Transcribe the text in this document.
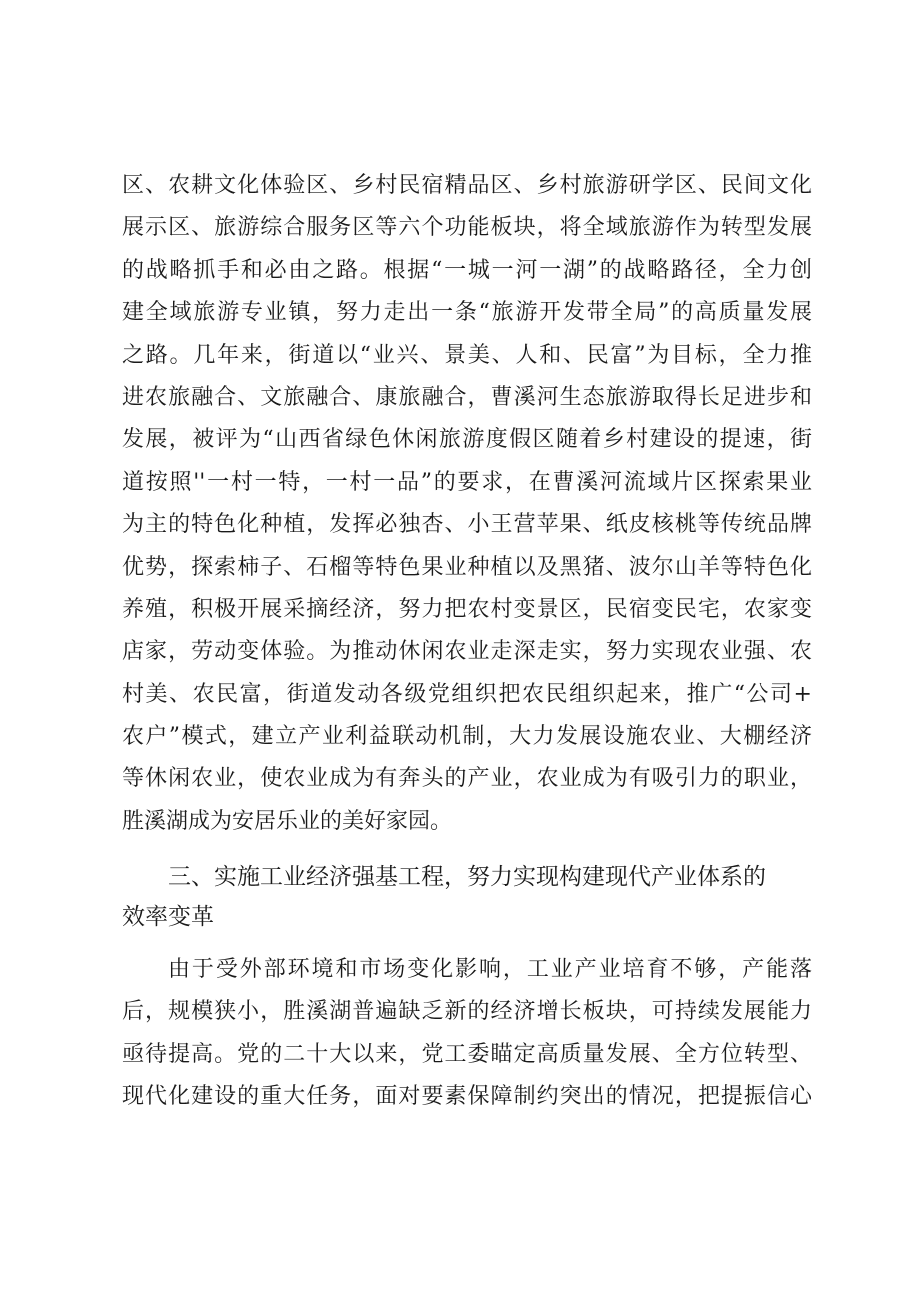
区、农耕文化体验区、乡村民宿精品区、乡村旅游研学区、民间文化
展示区、旅游综合服务区等六个功能板块，将全域旅游作为转型发展
的战略抓手和必由之路。根据“一城一河一湖”的战略路径，全力创
建全域旅游专业镇，努力走出一条“旅游开发带全局”的高质量发展
之路。几年来，街道以“业兴、景美、人和、民富”为目标，全力推
进农旅融合、文旅融合、康旅融合，曹溪河生态旅游取得长足进步和
发展，被评为“山西省绿色休闲旅游度假区随着乡村建设的提速，街
道按照''一村一特，一村一品”的要求，在曹溪河流域片区探索果业
为主的特色化种植，发挥必独杏、小王营苹果、纸皮核桃等传统品牌
优势，探索柿子、石榴等特色果业种植以及黑猪、波尔山羊等特色化
养殖，积极开展采摘经济，努力把农村变景区，民宿变民宅，农家变
店家，劳动变体验。为推动休闲农业走深走实，努力实现农业强、农
村美、农民富，街道发动各级党组织把农民组织起来，推广“公司+
农户”模式，建立产业利益联动机制，大力发展设施农业、大棚经济
等休闲农业，使农业成为有奔头的产业，农业成为有吸引力的职业，
胜溪湖成为安居乐业的美好家园。
三、实施工业经济强基工程，努力实现构建现代产业体系的
效率变革
由于受外部环境和市场变化影响，工业产业培育不够，产能落
后，规模狭小，胜溪湖普遍缺乏新的经济增长板块，可持续发展能力
亟待提高。党的二十大以来，党工委瞄定高质量发展、全方位转型、
现代化建设的重大任务，面对要素保障制约突出的情况，把提振信心
